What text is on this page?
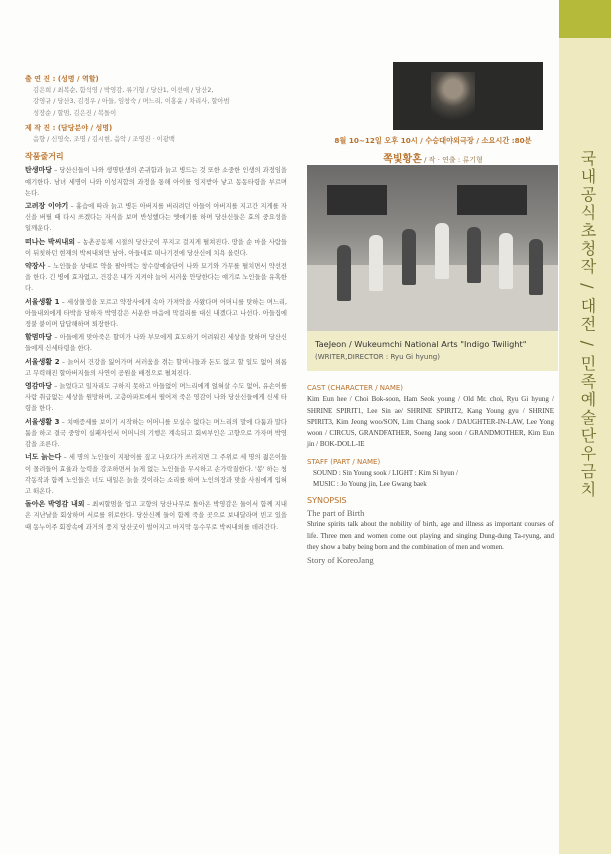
국내공식초청작 / 대전 / 민족예술단우금치
출 연 진 : (성명 / 역할)
김은희 / 최복순, 함석영 / 박영감, 류기형 / 당산1, 이선애 / 당산2,
강영규 / 당산3, 김정우 / 아들, 임창숙 / 며느리, 이홍윤 / 차리사, 할아범
성장순 / 할멈, 김은진 / 복돌이
제 작 진 : (담당분야 / 성명)
음향 / 신영숙, 조명 / 김시현, 음악 / 조영진 · 이광백
작품줄거리
탄생마당 – 당산신들이 나와 생명탄생의 존귀함과 늙고 병드는 것 또한 소중한 인생의 과정임을 얘기한다. 남녀 세명이 나와 이성지합의 과정을 통해 아이를 잉지받아 낳고 동동타령을 부르며 논다.
고려장 이야기 – 흉습에 따라 늙고 병든 아버지를 버리려던 아들이 아버지를 지고간 지게를 자신을 버릴 때 다시 쓰겠다는 자식을 보며 반성했다는 옛얘기를 하며 당산신들은 효의 중요성을 일깨운다.
떠나는 박씨내외 – 농촌공동체 시절의 당산굿이 푸지고 걸지게 펼쳐진다. 땅을 순 마을 사람들이 뒤칫하던 현재의 박씨내외만 남아, 아들네로 떠나기전에 당산신에 치욕 올린다.
약장사 – 노인들을 상대로 약을 팔아먹는 창수랑예술단이 나와 묘기와 가무를 펼치면서 약선전을 한다. 긴 병에 효자없고, 건강은 내가 지켜야 늘어 서러움 안당한다는 얘기로 노인들을 유혹한다.
서울생활 1 – 세상물정을 모르고 약장사에게 속아 가져악을 사왔다며 어머니를 탓하는 며느리, 아들내외에게 타박을 당하자 박영감은 서운한 마음에 막걸리를 대신 내겠다고 나선다. 아들집에 정붙 붙이며 답답해하며 퇴장한다.
할멈마당 – 아들에게 맞아죽은 할미가 나와 부모에게 효도하기 어려워진 세상을 탓하며 당산신들에게 신세타령을 한다.
서울생활 2 – 늙어서 건강을 잃어가며 서러움을 겪는 할머니들과 돈도 없고 할 일도 없어 외롭고 무력해진 할아버지들의 사연이 공원을 배경으로 펼쳐진다.
영감마당 – 늙었다고 일자리도 구하지 못하고 아들없이 며느리에게 얹혀살 수도 없어, 유손이를 사람 취급없는 세상을 원망하며, 고층아파트에서 떨어져 죽은 영감이 나와 당산신들에게 신세 타령을 한다.
서울생활 3 – 치매증세를 보이기 시작하는 어머니를 모실수 없다는 며느리의 말에 다툼과 말다툼을 하고 결국 중앙이 실패자인서 어머니의 기행은 계속되고 회씨부인은 고향으로 가자며 박영감을 조른다.
너도 늙는다 – 세 명의 노인들이 지팡이를 짚고 나오다가 쓰러지면 그 주위로 세 명의 젊은이들이 몰려들어 효율과 능력을 강조하면서 늙게 없는 노인들을 무시하고 손가락질한다. '봉' 하는 청각동작과 함께 노인들은 너도 내일은 늙을 것이라는 소리를 하며 노인의장과 맞을 사침에게 입혀고 떠온다.
돌아온 박영감 내외 – 최씨할멈을 업고 고향의 당산나무로 돌아온 박영감은 둘이서 함께 지내온 지난날을 회상하며 서로를 위로한다. 당산신께 둘이 함께 죽을 곳으로 보내달라며 빈고 있을 때 동누이주 회장속에 과거의 풍지 당산굿이 벌어지고 마지막 동수무로 박씨내외를 데려간다.
8월 10~12일 오후 10시 / 수승대야외극장 / 소요시간 :80분
쪽빛황혼 / 작 · 연출 : 류기형
TaeJeon / Wukeumchi National Arts "Indigo Twilight"
(WRITER,DIRECTOR : Ryu Gi hyung)
CAST (CHARACTER / NAME)
Kim Eun hee / Choi Bok-soon, Ham Seok young / Old Mr. choi, Ryu Gi hyung / SHRINE SPIRIT1, Lee Sin ae/ SHRINE SPIRIT2, Kang Young gyu / SHRINE SPIRIT3, Kim Jeong woo/SON, Lim Chang sook / DAUGHTER-IN-LAW, Lee Yong woon / CIRCUS, GRANDFATHER, Soeng Jang soon / GRANDMOTHER, Kim Eun jin / BOK-DOLL-IE
STAFF (PART / NAME)
SOUND : Sin Young sook / LIGHT : Kim Si hyun /
MUSIC : Jo Young jin, Lee Gwang baek
SYNOPSIS
The part of Birth
Shrine spirits talk about the nobility of birth, age and illness as important courses of life. Three men and women come out playing and singing Dung-dung Ta-ryung, and they show a baby being born and the combination of men and women.
Story of KoreoJang
